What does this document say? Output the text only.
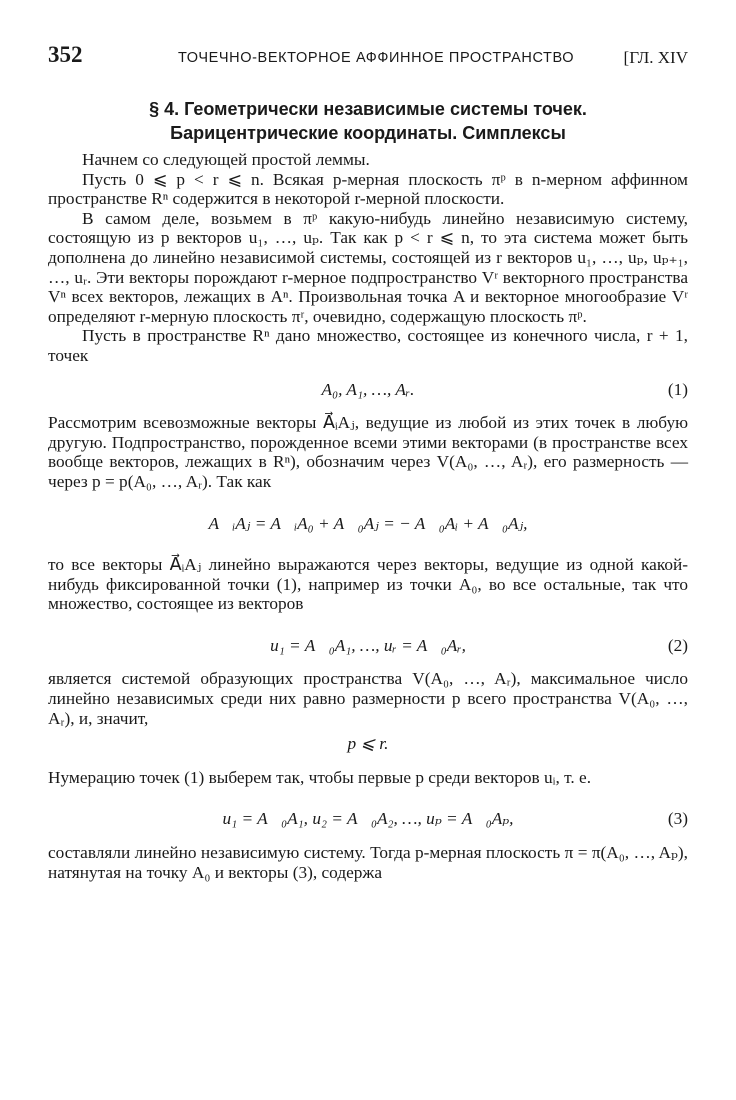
352	ТОЧЕЧНО-ВЕКТОРНОЕ АФФИННОЕ ПРОСТРАНСТВО	[ГЛ. XIV
§ 4. Геометрически независимые системы точек.
Барицентрические координаты. Симплексы

Начнем со следующей простой леммы.

Пусть 0 ⩽ p < r ⩽ n. Всякая p-мерная плоскость πᵖ в n-мерном аффинном пространстве Rⁿ содержится в некоторой r-мерной плоскости.

В самом деле, возьмем в πᵖ какую-нибудь линейно независимую систему, состоящую из p векторов u₁, …, uₚ. Так как p < r ⩽ n, то эта система может быть дополнена до линейно независимой системы, состоящей из r векторов u₁, …, uₚ, uₚ₊₁, …, uᵣ. Эти векторы порождают r-мерное подпространство Vʳ векторного пространства Vⁿ всех векторов, лежащих в Aⁿ. Произвольная точка A и векторное многообразие Vʳ определяют r-мерную плоскость πʳ, очевидно, содержащую плоскость πᵖ.

Пусть в пространстве Rⁿ дано множество, состоящее из конечного числа, r + 1, точек

A₀, A₁, …, Aᵣ.	(1)

Рассмотрим всевозможные векторы A⃗ᵢAⱼ, ведущие из любой из этих точек в любую другую. Подпространство, порожденное всеми этими векторами (в пространстве всех вообще векторов, лежащих в Rⁿ), обозначим через V(A₀, …, Aᵣ), его размерность — через p = p(A₀, …, Aᵣ). Так как

A⃗ᵢAⱼ = A⃗ᵢA₀ + A⃗₀Aⱼ = − A⃗₀Aᵢ + A⃗₀Aⱼ,

то все векторы A⃗ᵢAⱼ линейно выражаются через векторы, ведущие из одной какой-нибудь фиксированной точки (1), например из точки A₀, во все остальные, так что множество, состоящее из векторов

u₁ = A⃗₀A₁, …, uᵣ = A⃗₀Aᵣ,	(2)

является системой образующих пространства V(A₀, …, Aᵣ), максимальное число линейно независимых среди них равно размерности p всего пространства V(A₀, …, Aᵣ), и, значит,

p ⩽ r.

Нумерацию точек (1) выберем так, чтобы первые p среди векторов uᵢ, т. е.

u₁ = A⃗₀A₁, u₂ = A⃗₀A₂, …, uₚ = A⃗₀Aₚ,	(3)

составляли линейно независимую систему. Тогда p-мерная плоскость π = π(A₀, …, Aₚ), натянутая на точку A₀ и векторы (3), содержа
